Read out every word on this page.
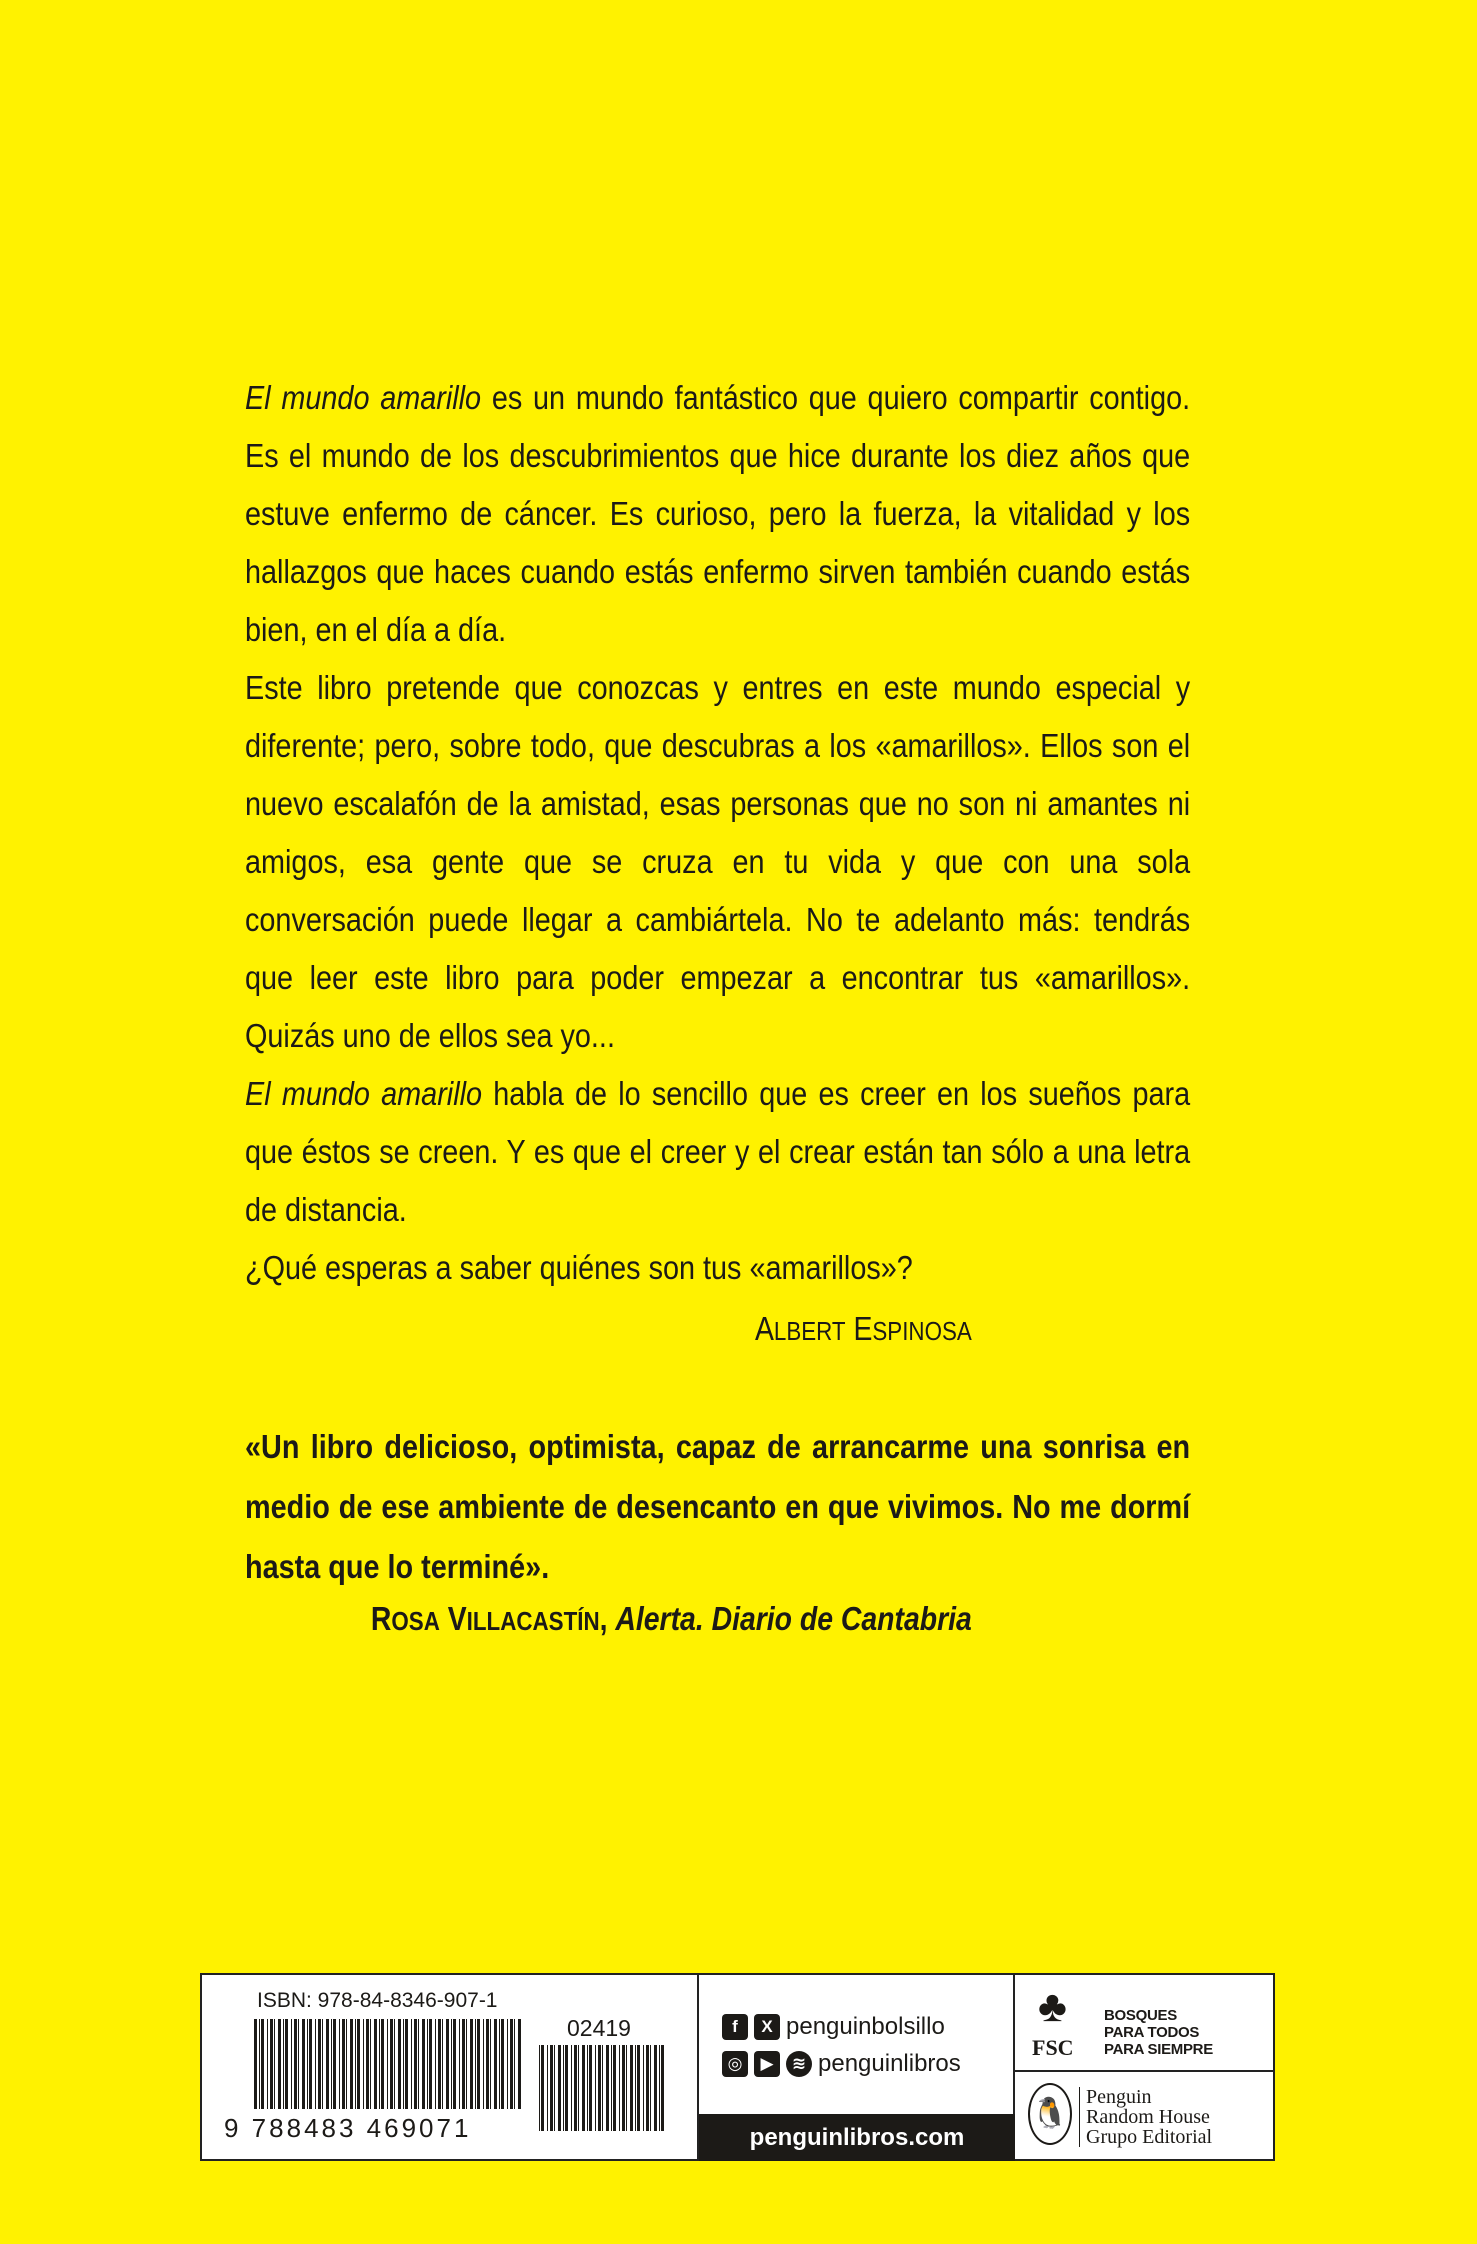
El mundo amarillo es un mundo fantástico que quiero compartir contigo. Es el mundo de los descubrimientos que hice durante los diez años que estuve enfermo de cáncer. Es curioso, pero la fuerza, la vitalidad y los hallazgos que haces cuando estás enfermo sirven también cuando estás bien, en el día a día.

Este libro pretende que conozcas y entres en este mundo especial y diferente; pero, sobre todo, que descubras a los «amarillos». Ellos son el nuevo escalafón de la amistad, esas personas que no son ni amantes ni amigos, esa gente que se cruza en tu vida y que con una sola conversación puede llegar a cambiártela. No te adelanto más: tendrás que leer este libro para poder empezar a encontrar tus «amarillos». Quizás uno de ellos sea yo...

El mundo amarillo habla de lo sencillo que es creer en los sueños para que éstos se creen. Y es que el creer y el crear están tan sólo a una letra de distancia.

¿Qué esperas a saber quiénes son tus «amarillos»?

ALBERT ESPINOSA

«Un libro delicioso, optimista, capaz de arrancarme una sonrisa en medio de ese ambiente de desencanto en que vivimos. No me dormí hasta que lo terminé».

ROSA VILLACASTÍN, Alerta. Diario de Cantabria
ISBN: 978-84-8346-907-1
9 788483 469071
02419	f	X penguinbolsillo
◎	▶	≋ penguinlibros
penguinlibros.com
♣
FSC
BOSQUES
PARA TODOS
PARA SIEMPRE
🐧 Penguin
Random House
Grupo Editorial
